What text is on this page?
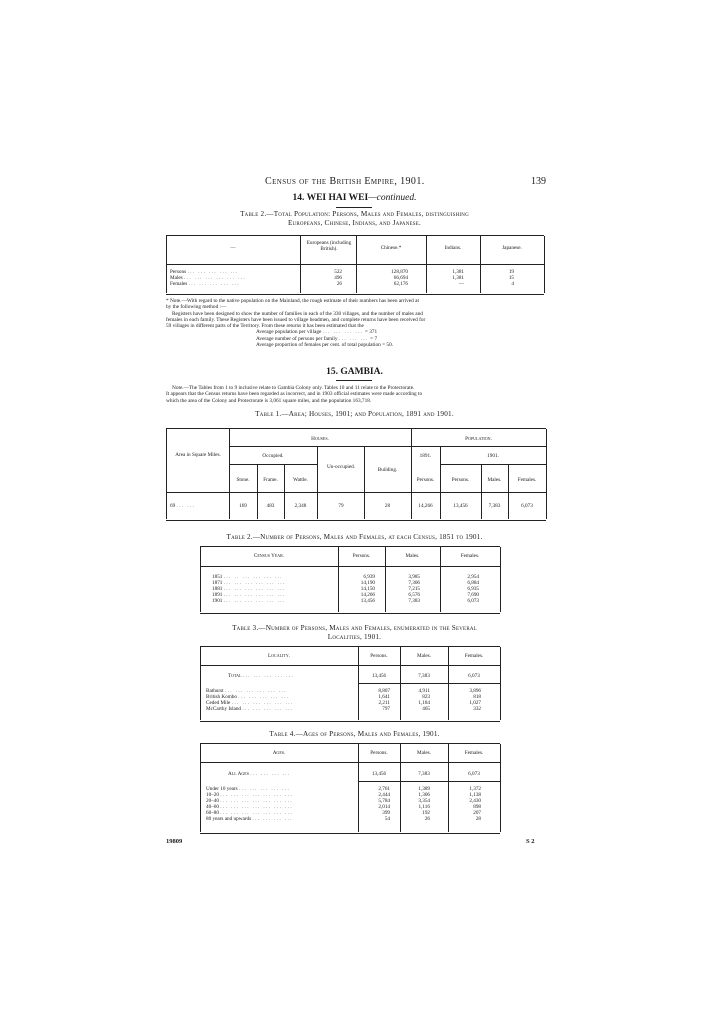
Census of the British Empire, 1901.	139
14. WEI HAI WEI—continued.
Table 2.—Total Population: Persons, Males and Females, distinguishing
Europeans, Chinese, Indians, and Japanese.
—
Europeans (including British).	Chinese.*	Indians.	Japanese.
Persons ... ... ... ... ...	522	128,870	1,381	19
Males ... ... ... ... ... ...	496	66,694	1,381	15
Females ... ... ... ... ...	26	62,176	—	4
* Note.—With regard to the native population on the Mainland, the rough estimate of their numbers has been arrived at
by the following method :—
Registers have been designed to show the number of families in each of the 330 villages, and the number of males and
females in each family. These Registers have been issued to village headmen, and complete returns have been received for
59 villages in different parts of the Territory. From these returns it has been estimated that the
Average population per village ... ... ... ... = 371
Average number of persons per family ... ... ... = 7
Average proportion of females per cent. of total population = 50.
15. GAMBIA.
Note.—The Tables from 1 to 9 inclusive relate to Gambia Colony only. Tables 10 and 11 relate to the Protectorate.
It appears that the Census returns have been regarded as incorrect, and in 1903 official estimates were made according to
which the area of the Colony and Protectorate is 3,061 square miles, and the population 163,718.
Table 1.—Area; Houses, 1901; and Population, 1891 and 1901.
Area in Square Miles.
Houses.	Population.
Occupied.
Un-occupied.	Building.
1891.	1901.
Stone.	Frame.	Wattle.	Persons.	Persons.	Males.	Females.
69 ... ...	169	483	2,348	79	28	14,266	13,456	7,383	6,073
Table 2.—Number of Persons, Males and Females, at each Census, 1851 to 1901.
Census Year.	Persons.	Males.	Females.
1851 ... .. ... ... ... ...	6,939	3,985	2,954
1871 ... ... ... ... ... ...	14,190	7,306	6,884
1881 ... ... ... ... ... ...	14,150	7,215	6,935
1891 ... ... ... ... ... ...	14,266	6,576	7,690
1901 ... ... ... ... ... ...	13,456	7,383	6,073
Table 3.—Number of Persons, Males and Females, enumerated in the Several
Localities, 1901.
Locality.	Persons.	Males.	Females.
Total ... ... ... ... ...	13,456	7,383	6,073
Bathurst ... ... ... ... ... ...	8,807	4,911	3,896
British Kombo ... ... ... ... ...	1,641	823	818
Ceded Mile ... ... ... ... ... ...	2,211	1,184	1,027
McCarthy Island ... ... ... ... ...	797	465	332
Table 4.—Ages of Persons, Males and Females, 1901.
Ages.	Persons.	Males.	Females.
All Ages ... ... ... ...	13,456	7,383	6,073
Under 10 years ... ... ... ... ...	2,761	1,389	1,372
10–20 ... ... ... ... ... ... ...	2,444	1,306	1,138
20–40 ... ... ... ... ... ... ...	5,784	3,354	2,430
40–60 ... ... ... ... ... ... ...	2,014	1,116	898
60–80 ... ... ... ... ... ... ...	399	192	207
80 years and upwards ... ... ... ...	54	26	28
19809	S 2
